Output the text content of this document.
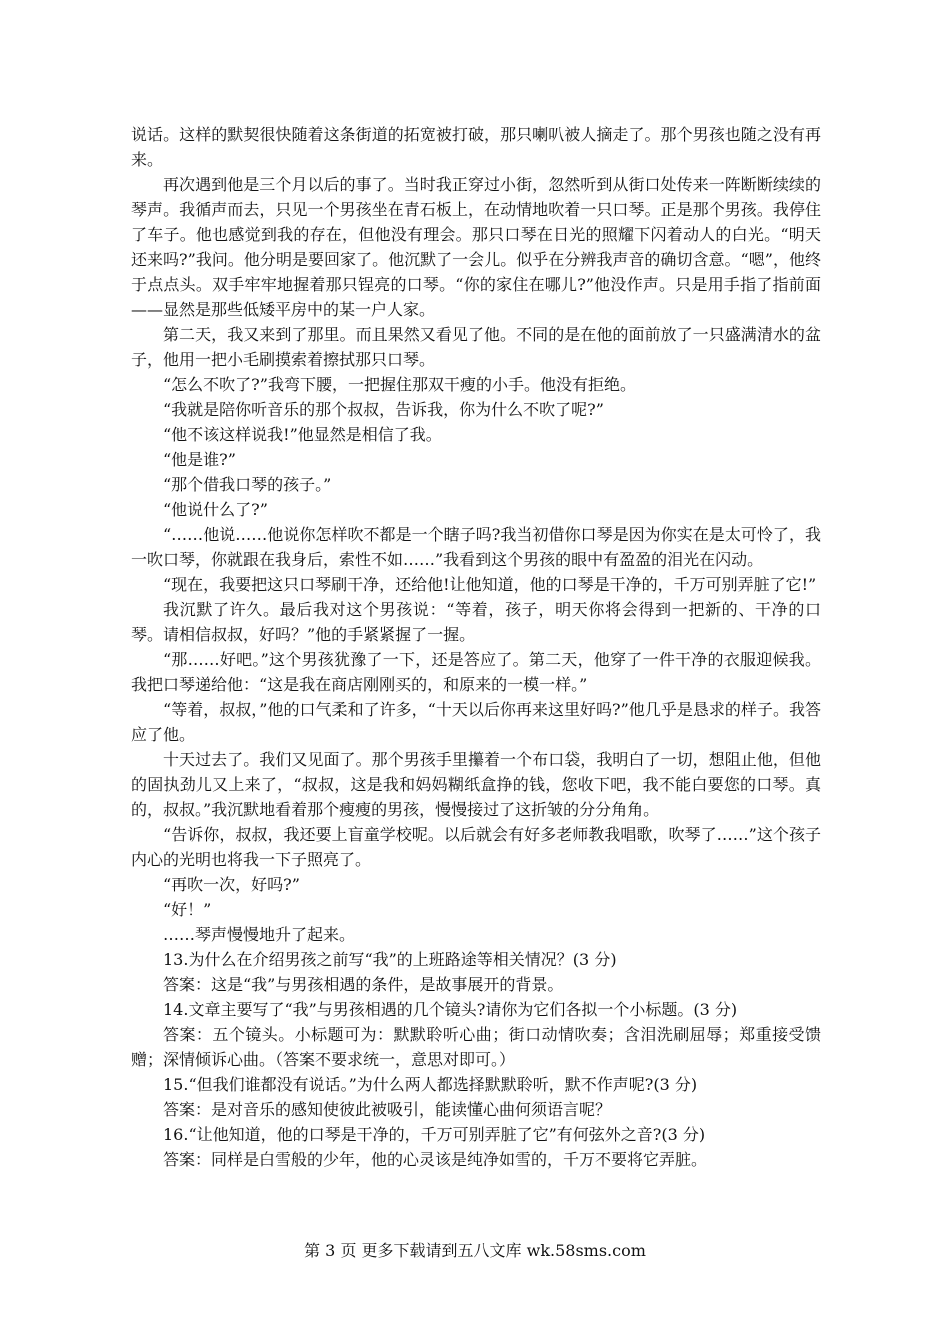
说话。这样的默契很快随着这条街道的拓宽被打破，那只喇叭被人摘走了。那个男孩也随之没有再来。

再次遇到他是三个月以后的事了。当时我正穿过小街，忽然听到从街口处传来一阵断断续续的琴声。我循声而去，只见一个男孩坐在青石板上，在动情地吹着一只口琴。正是那个男孩。我停住了车子。他也感觉到我的存在，但他没有理会。那只口琴在日光的照耀下闪着动人的白光。“明天还来吗?”我问。他分明是要回家了。他沉默了一会儿。似乎在分辨我声音的确切含意。“嗯”，他终于点点头。双手牢牢地握着那只锃亮的口琴。“你的家住在哪儿?”他没作声。只是用手指了指前面——显然是那些低矮平房中的某一户人家。

第二天，我又来到了那里。而且果然又看见了他。不同的是在他的面前放了一只盛满清水的盆子，他用一把小毛刷摸索着擦拭那只口琴。

“怎么不吹了?”我弯下腰，一把握住那双干瘦的小手。他没有拒绝。

“我就是陪你听音乐的那个叔叔，告诉我，你为什么不吹了呢?”

“他不该这样说我!”他显然是相信了我。

“他是谁?”

“那个借我口琴的孩子。”

“他说什么了?”

“……他说……他说你怎样吹不都是一个瞎子吗?我当初借你口琴是因为你实在是太可怜了，我一吹口琴，你就跟在我身后，索性不如……”我看到这个男孩的眼中有盈盈的泪光在闪动。

“现在，我要把这只口琴刷干净，还给他!让他知道，他的口琴是干净的，千万可别弄脏了它!”

我沉默了许久。最后我对这个男孩说：“等着，孩子，明天你将会得到一把新的、干净的口琴。请相信叔叔，好吗？”他的手紧紧握了一握。

“那……好吧。”这个男孩犹豫了一下，还是答应了。第二天，他穿了一件干净的衣服迎候我。我把口琴递给他：“这是我在商店刚刚买的，和原来的一模一样。”

“等着，叔叔，”他的口气柔和了许多，“十天以后你再来这里好吗?”他几乎是恳求的样子。我答应了他。

十天过去了。我们又见面了。那个男孩手里攥着一个布口袋，我明白了一切，想阻止他，但他的固执劲儿又上来了，“叔叔，这是我和妈妈糊纸盒挣的钱，您收下吧，我不能白要您的口琴。真的，叔叔。”我沉默地看着那个瘦瘦的男孩，慢慢接过了这折皱的分分角角。

“告诉你，叔叔，我还要上盲童学校呢。以后就会有好多老师教我唱歌，吹琴了……”这个孩子内心的光明也将我一下子照亮了。

“再吹一次，好吗?”

“好！”

……琴声慢慢地升了起来。

13.为什么在介绍男孩之前写“我”的上班路途等相关情况？(3 分)

答案：这是“我”与男孩相遇的条件，是故事展开的背景。

14.文章主要写了“我”与男孩相遇的几个镜头?请你为它们各拟一个小标题。(3 分)

答案：五个镜头。小标题可为：默默聆听心曲；街口动情吹奏；含泪洗刷屈辱；郑重接受馈赠；深情倾诉心曲。（答案不要求统一，意思对即可。）

15.“但我们谁都没有说话。”为什么两人都选择默默聆听，默不作声呢?(3 分)

答案：是对音乐的感知使彼此被吸引，能读懂心曲何须语言呢？

16.“让他知道，他的口琴是干净的，千万可别弄脏了它”有何弦外之音?(3 分)

答案：同样是白雪般的少年，他的心灵该是纯净如雪的，千万不要将它弄脏。

第 3 页 更多下载请到五八文库 wk.58sms.com
